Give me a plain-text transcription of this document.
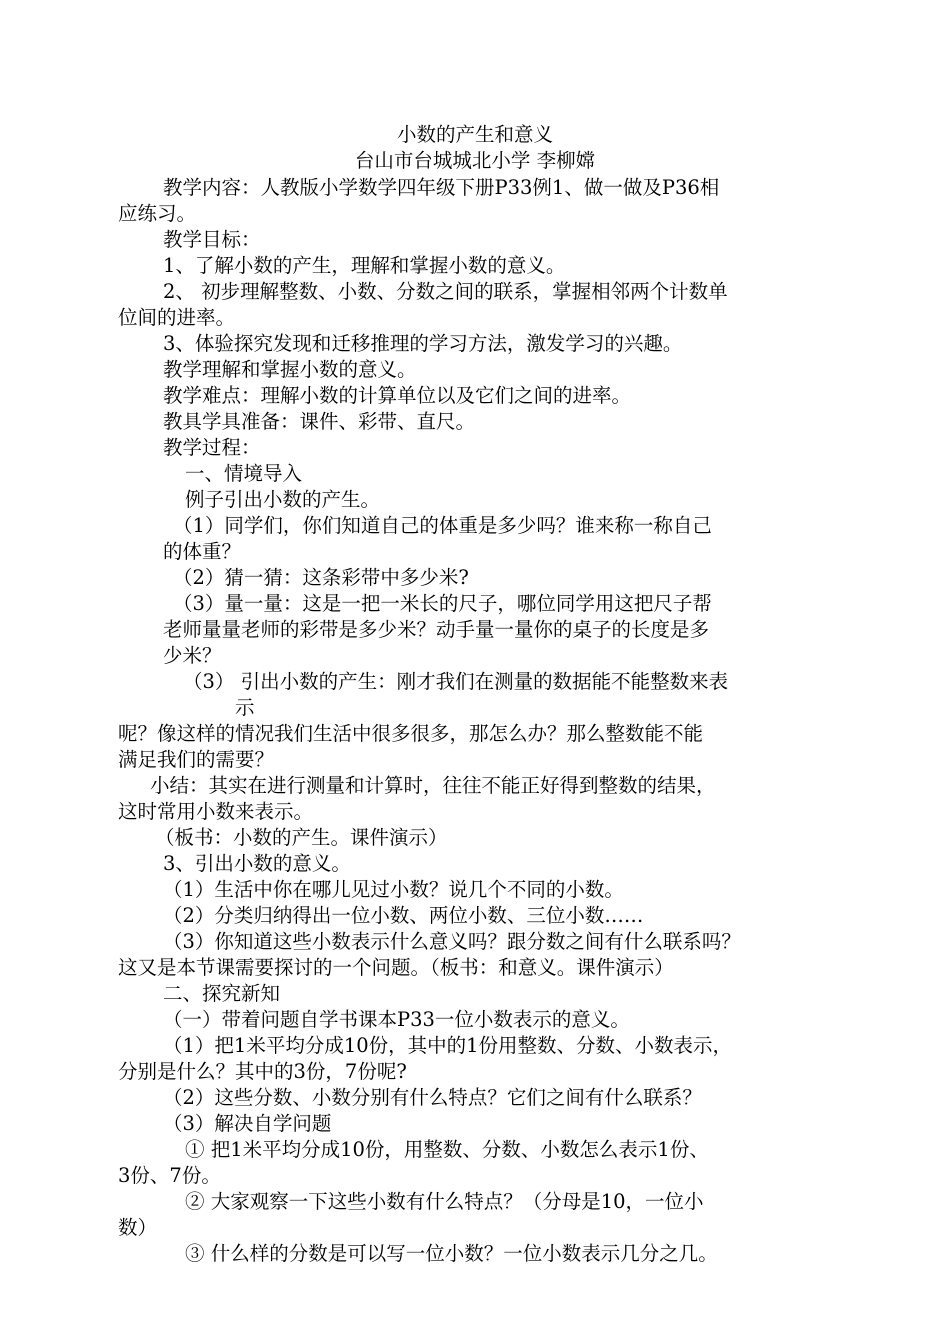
小数的产生和意义
台山市台城城北小学 李柳嫦
教学内容：人教版小学数学四年级下册P33例1、做一做及P36相
应练习。
教学目标：
1、了解小数的产生，理解和掌握小数的意义。
2、 初步理解整数、小数、分数之间的联系，掌握相邻两个计数单
位间的进率。
3、体验探究发现和迁移推理的学习方法，激发学习的兴趣。
教学理解和掌握小数的意义。
教学难点：理解小数的计算单位以及它们之间的进率。
教具学具准备：课件、彩带、直尺。
教学过程：
一、情境导入
例子引出小数的产生。
（1）同学们，你们知道自己的体重是多少吗？谁来称一称自己
的体重？
（2）猜一猜：这条彩带中多少米?
（3）量一量：这是一把一米长的尺子，哪位同学用这把尺子帮
老师量量老师的彩带是多少米？动手量一量你的桌子的长度是多
少米？
（3） 引出小数的产生：刚才我们在测量的数据能不能整数来表
示
呢？像这样的情况我们生活中很多很多，那怎么办？那么整数能不能
满足我们的需要？
小结：其实在进行测量和计算时，往往不能正好得到整数的结果，
这时常用小数来表示。
（板书：小数的产生。课件演示）
3、引出小数的意义。
（1）生活中你在哪儿见过小数？说几个不同的小数。
（2）分类归纳得出一位小数、两位小数、三位小数……
（3）你知道这些小数表示什么意义吗？跟分数之间有什么联系吗？
这又是本节课需要探讨的一个问题。（板书：和意义。课件演示）
二、探究新知
（一）带着问题自学书课本P33一位小数表示的意义。
（1）把1米平均分成10份，其中的1份用整数、分数、小数表示，
分别是什么？其中的3份，7份呢?
（2）这些分数、小数分别有什么特点？它们之间有什么联系？
（3）解决自学问题
① 把1米平均分成10份，用整数、分数、小数怎么表示1份、
3份、7份。
② 大家观察一下这些小数有什么特点？（分母是10，一位小
数）
③ 什么样的分数是可以写一位小数？一位小数表示几分之几。
